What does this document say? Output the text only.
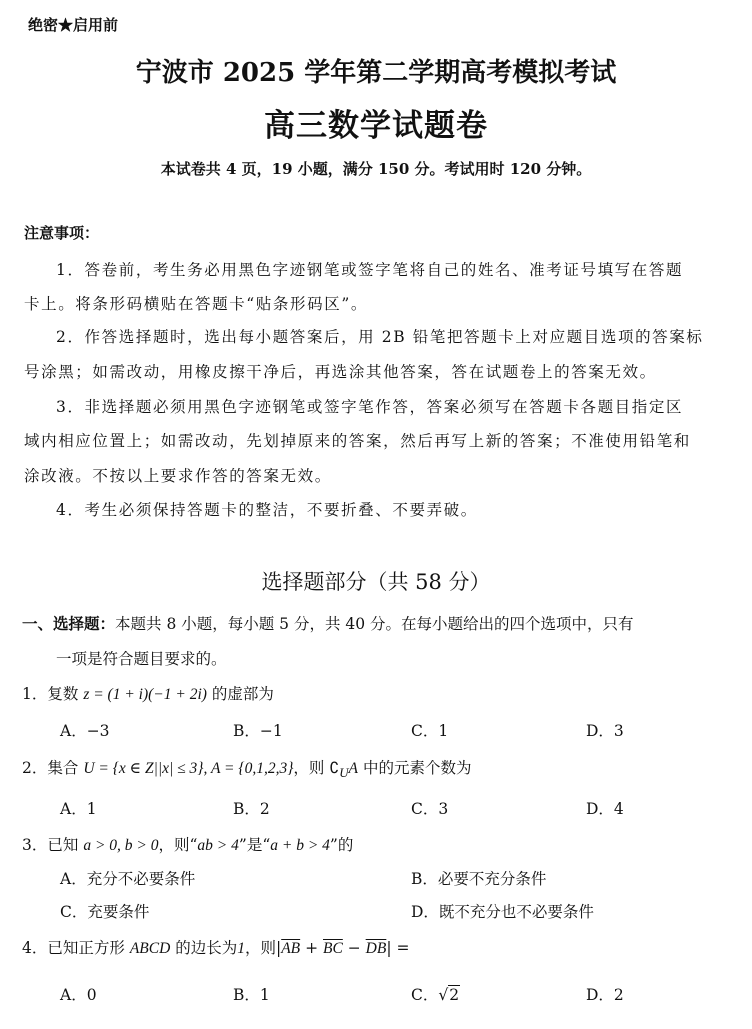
绝密★启用前
宁波市 2025 学年第二学期高考模拟考试
高三数学试题卷
本试卷共 4 页，19 小题，满分 150 分。考试用时 120 分钟。
注意事项：
1．答卷前，考生务必用黑色字迹钢笔或签字笔将自己的姓名、准考证号填写在答题
卡上。将条形码横贴在答题卡“贴条形码区”。
2．作答选择题时，选出每小题答案后，用 2B 铅笔把答题卡上对应题目选项的答案标
号涂黑；如需改动，用橡皮擦干净后，再选涂其他答案，答在试题卷上的答案无效。
3．非选择题必须用黑色字迹钢笔或签字笔作答，答案必须写在答题卡各题目指定区
域内相应位置上；如需改动，先划掉原来的答案，然后再写上新的答案；不准使用铅笔和
涂改液。不按以上要求作答的答案无效。
4．考生必须保持答题卡的整洁，不要折叠、不要弄破。
选择题部分（共 58 分）
一、选择题：本题共 8 小题，每小题 5 分，共 40 分。在每小题给出的四个选项中，只有
一项是符合题目要求的。
1．复数 z = (1 + i)(−1 + 2i) 的虚部为
A．−3	B．−1	C．1	D．3
2．集合 U = {x ∈ Z||x| ≤ 3}, A = {0,1,2,3}，则 $∁_UA$ 中的元素个数为
A．1	B．2	C．3	D．4
3．已知 a > 0, b > 0，则“ab > 4”是“a + b > 4”的
A．充分不必要条件	B．必要不充分条件
C．充要条件	D．既不充分也不必要条件
4．已知正方形 ABCD 的边长为1，则$|\overline{AB} + \overline{BC} - \overline{DB}|$ =
A．0	B．1	C．√2	D．2
